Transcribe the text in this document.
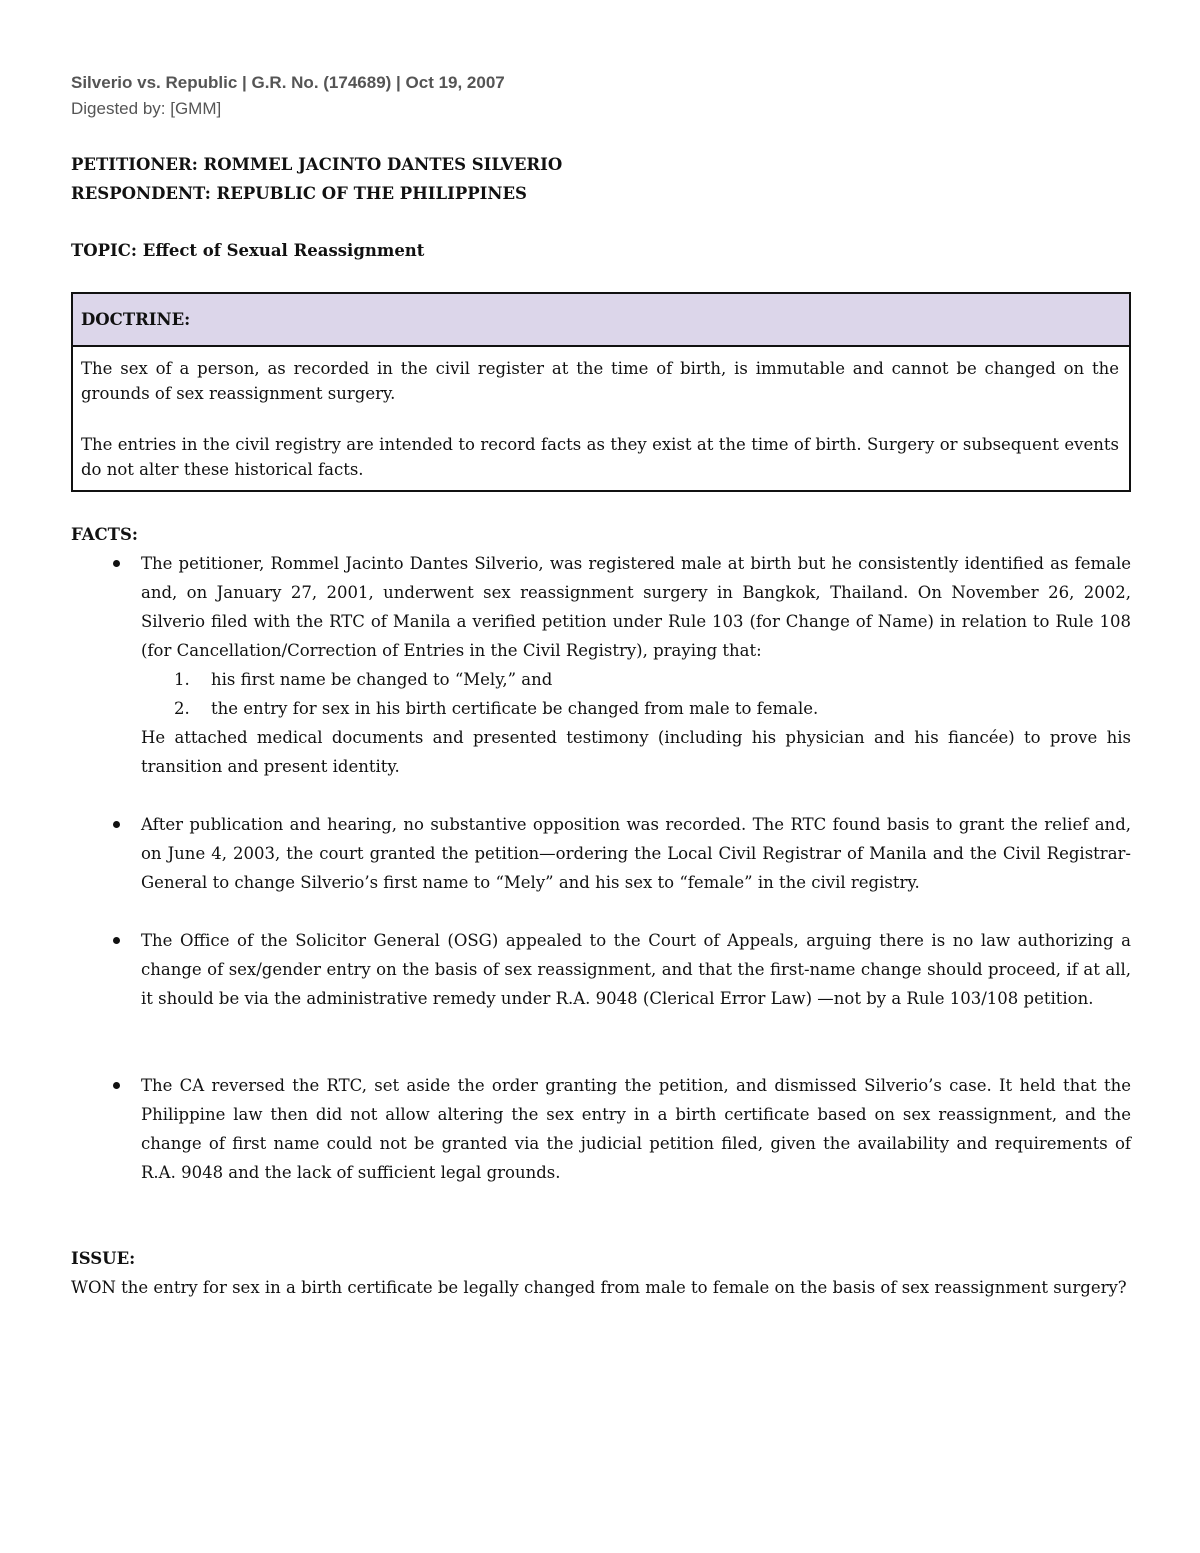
Silverio vs. Republic | G.R. No. (174689) | Oct 19, 2007
Digested by: [GMM]
PETITIONER: ROMMEL JACINTO DANTES SILVERIO
RESPONDENT: REPUBLIC OF THE PHILIPPINES
TOPIC: Effect of Sexual Reassignment
DOCTRINE:

The sex of a person, as recorded in the civil register at the time of birth, is immutable and cannot be changed on the grounds of sex reassignment surgery.

The entries in the civil registry are intended to record facts as they exist at the time of birth. Surgery or subsequent events do not alter these historical facts.

FACTS:
The petitioner, Rommel Jacinto Dantes Silverio, was registered male at birth but he consistently identified as female and, on January 27, 2001, underwent sex reassignment surgery in Bangkok, Thailand. On November 26, 2002, Silverio filed with the RTC of Manila a verified petition under Rule 103 (for Change of Name) in relation to Rule 108 (for Cancellation/Correction of Entries in the Civil Registry), praying that:
1. his first name be changed to “Mely,” and
2. the entry for sex in his birth certificate be changed from male to female.
He attached medical documents and presented testimony (including his physician and his fiancée) to prove his transition and present identity.
After publication and hearing, no substantive opposition was recorded. The RTC found basis to grant the relief and, on June 4, 2003, the court granted the petition—ordering the Local Civil Registrar of Manila and the Civil Registrar-General to change Silverio’s first name to “Mely” and his sex to “female” in the civil registry.
The Office of the Solicitor General (OSG) appealed to the Court of Appeals, arguing there is no law authorizing a change of sex/gender entry on the basis of sex reassignment, and that the first-name change should proceed, if at all, it should be via the administrative remedy under R.A. 9048 (Clerical Error Law) —not by a Rule 103/108 petition.
The CA reversed the RTC, set aside the order granting the petition, and dismissed Silverio’s case. It held that the Philippine law then did not allow altering the sex entry in a birth certificate based on sex reassignment, and the change of first name could not be granted via the judicial petition filed, given the availability and requirements of R.A. 9048 and the lack of sufficient legal grounds.
ISSUE:
WON the entry for sex in a birth certificate be legally changed from male to female on the basis of sex reassignment surgery?
